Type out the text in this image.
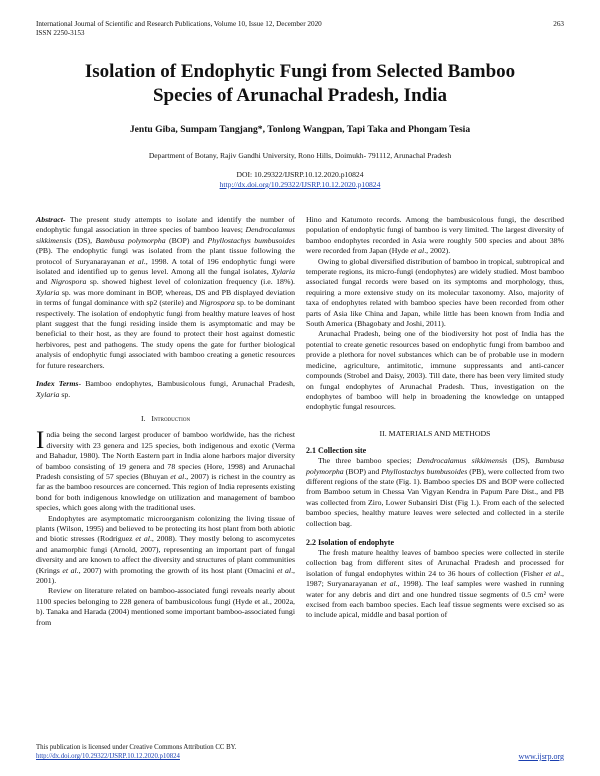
International Journal of Scientific and Research Publications, Volume 10, Issue 12, December 2020
ISSN 2250-3153
263
Isolation of Endophytic Fungi from Selected Bamboo
Species of Arunachal Pradesh, India
Jentu Giba, Sumpam Tangjang*, Tonlong Wangpan, Tapi Taka and Phongam Tesia
Department of Botany, Rajiv Gandhi University, Rono Hills, Doimukh- 791112, Arunachal Pradesh
DOI: 10.29322/IJSRP.10.12.2020.p10824
http://dx.doi.org/10.29322/IJSRP.10.12.2020.p10824

Abstract- The present study attempts to isolate and identify the number of endophytic fungal association in three species of bamboo leaves; Dendrocalamus sikkimensis (DS), Bambusa polymorpha (BOP) and Phyllostachys bumbusoides (PB). The endophytic fungi was isolated from the plant tissue following the protocol of Suryanarayanan et al., 1998. A total of 196 endophytic fungi were isolated and identified up to genus level. Among all the fungal isolates, Xylaria and Nigrospora sp. showed highest level of colonization frequency (i.e. 18%). Xylaria sp. was more dominant in BOP, whereas, DS and PB displayed deviation in terms of fungal dominance with sp2 (sterile) and Nigrospora sp. to be dominant respectively. The isolation of endophytic fungi from healthy mature leaves of host plant suggest that the fungi residing inside them is asymptomatic and may be beneficial to their host, as they are found to protect their host against domestic herbivores, pest and pathogens. The study opens the gate for further biological analysis of endophytic fungi associated with bamboo creating a genetic resources for future researchers.

Index Terms- Bamboo endophytes, Bambusicolous fungi, Arunachal Pradesh, Xylaria sp.

I. Introduction

India being the second largest producer of bamboo worldwide, has the richest diversity with 23 genera and 125 species, both indigenous and exotic (Verma and Bahadur, 1980). The North Eastern part in India alone harbors major diversity of bamboo consisting of 19 genera and 78 species (Hore, 1998) and Arunachal Pradesh consisting of 57 species (Bhuyan et al., 2007) is richest in the country as far as the bamboo resources are concerned. This region of India represents existing bond for both indigenous knowledge on utilization and management of bamboo species, which goes along with the traditional uses.

Endophytes are asymptomatic microorganism colonizing the living tissue of plants (Wilson, 1995) and believed to be protecting its host plant from both abiotic and biotic stresses (Rodriguez et al., 2008). They mostly belong to ascomycetes and anamorphic fungi (Arnold, 2007), representing an important part of fungal diversity and are known to affect the diversity and structures of plant communities (Krings et al., 2007) with promoting the growth of its host plant (Omacini et al., 2001).

Review on literature related on bamboo-associated fungi reveals nearly about 1100 species belonging to 228 genera of bambusicolous fungi (Hyde et al., 2002a, b). Tanaka and Harada (2004) mentioned some important bamboo-associated fungi from

Hino and Katumoto records. Among the bambusicolous fungi, the described population of endophytic fungi of bamboo is very limited. The largest diversity of bamboo endophytes recorded in Asia were roughly 500 species and about 38% were recorded from Japan (Hyde et al., 2002).

Owing to global diversified distribution of bamboo in tropical, subtropical and temperate regions, its micro-fungi (endophytes) are widely studied. Most bamboo associated fungal records were based on its symptoms and morphology, thus, requiring a more extensive study on its molecular taxonomy. Also, majority of taxa of endophytes related with bamboo species have been recorded from other parts of Asia like China and Japan, while little has been known from India and South America (Bhagobaty and Joshi, 2011).

Arunachal Pradesh, being one of the biodiversity hot post of India has the potential to create genetic resources based on endophytic fungi from bamboo and provide a plethora for novel substances which can be of probable use in modern medicine, agriculture, antimitotic, immune suppressants and anti-cancer compounds (Strobel and Daisy, 2003). Till date, there has been very limited study on fungal endophytes of Arunachal Pradesh. Thus, investigation on the endophytes of bamboo will help in broadening the knowledge on untapped endophytic fungal resources.

II. MATERIALS AND METHODS
2.1 Collection site

The three bamboo species; Dendrocalamus sikkimensis (DS), Bambusa polymorpha (BOP) and Phyllostachys bumbusoides (PB), were collected from two different regions of the state (Fig. 1). Bamboo species DS and BOP were collected from Bamboo setum in Chessa Van Vigyan Kendra in Papum Pare Dist., and PB was collected from Ziro, Lower Subansiri Dist (Fig 1.). From each of the selected bamboo species, healthy mature leaves were selected and collected in a sterile collection bag.

2.2 Isolation of endophyte

The fresh mature healthy leaves of bamboo species were collected in sterile collection bag from different sites of Arunachal Pradesh and processed for isolation of fungal endophytes within 24 to 36 hours of collection (Fisher et al., 1987; Suryanarayanan et al., 1998). The leaf samples were washed in running water for any debris and dirt and one hundred tissue segments of 0.5 cm² were excised from each bamboo species. Each leaf tissue segments were excised so as to include apical, middle and basal portion of

This publication is licensed under Creative Commons Attribution CC BY.
http://dx.doi.org/10.29322/IJSRP.10.12.2020.p10824	www.ijsrp.org
